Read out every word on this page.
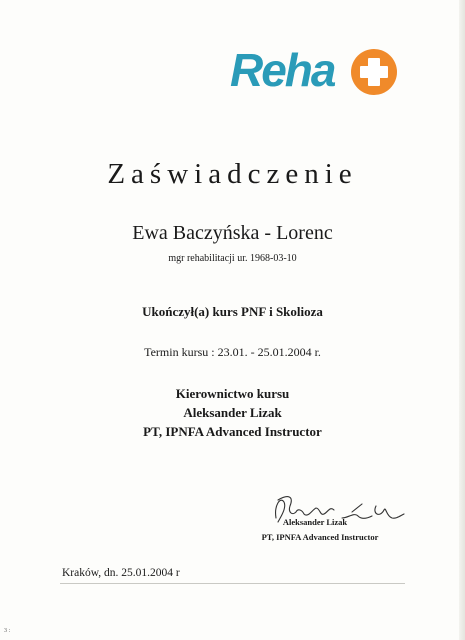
Reha
Zaświadczenie
Ewa Baczyńska - Lorenc
mgr rehabilitacji ur. 1968-03-10
Ukończył(a) kurs PNF i Skolioza
Termin kursu : 23.01. - 25.01.2004 r.
Kierownictwo kursu
Aleksander Lizak
PT, IPNFA Advanced Instructor
Aleksander Lizak
PT, IPNFA Advanced Instructor
Kraków, dn. 25.01.2004 r
3 :
